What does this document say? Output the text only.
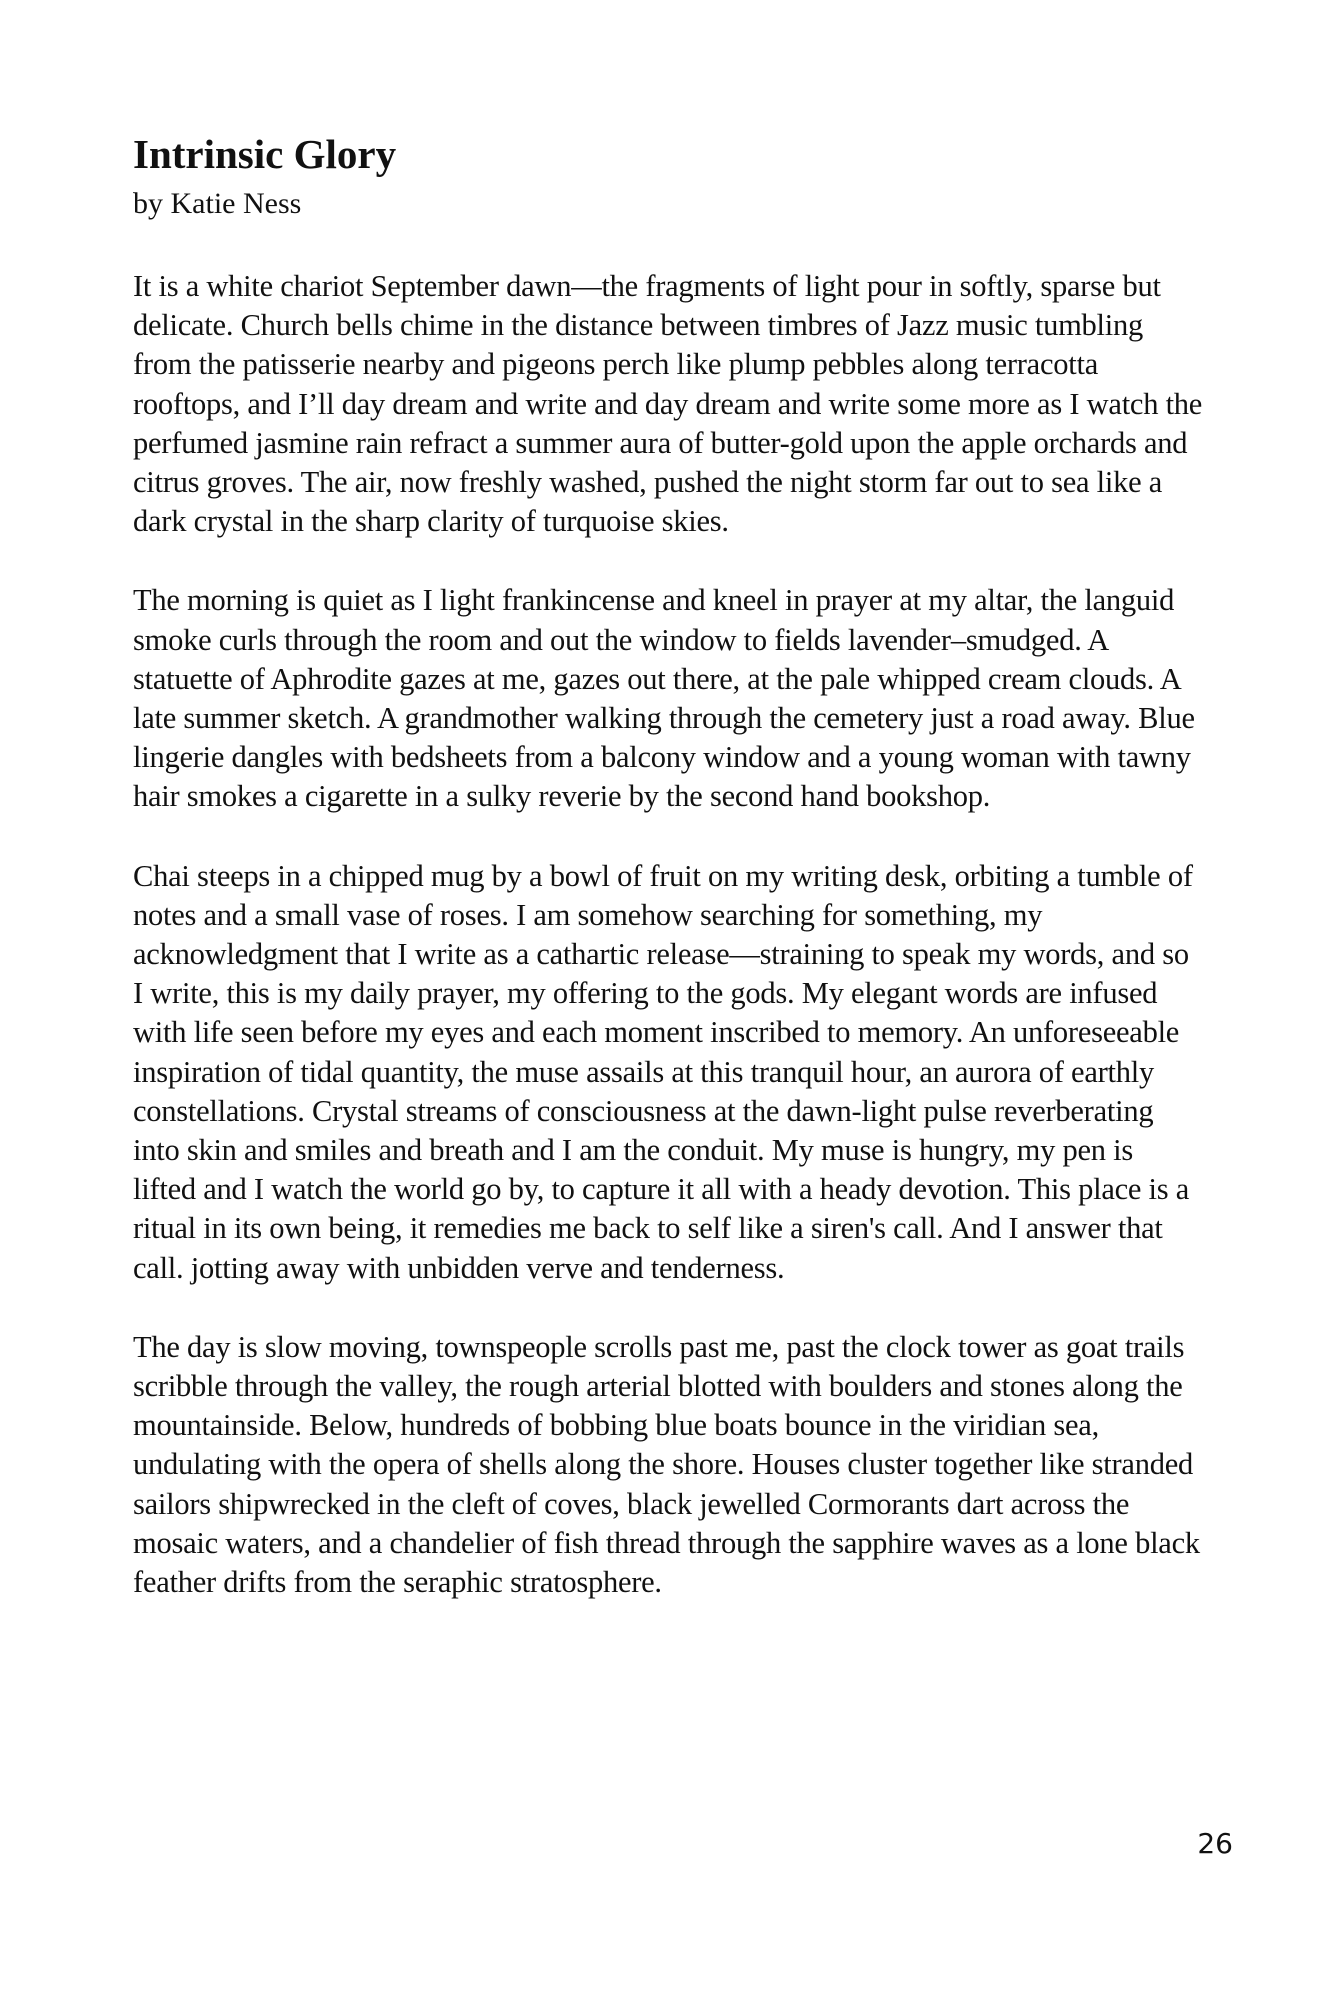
Intrinsic Glory

by Katie Ness

It is a white chariot September dawn—the fragments of light pour in softly, sparse but delicate. Church bells chime in the distance between timbres of Jazz music tumbling from the patisserie nearby and pigeons perch like plump pebbles along terracotta rooftops, and I’ll day dream and write and day dream and write some more as I watch the perfumed jasmine rain refract a summer aura of butter-gold upon the apple orchards and citrus groves. The air, now freshly washed, pushed the night storm far out to sea like a dark crystal in the sharp clarity of turquoise skies.

The morning is quiet as I light frankincense and kneel in prayer at my altar, the languid smoke curls through the room and out the window to fields lavender–smudged. A statuette of Aphrodite gazes at me, gazes out there, at the pale whipped cream clouds. A late summer sketch. A grandmother walking through the cemetery just a road away. Blue lingerie dangles with bedsheets from a balcony window and a young woman with tawny hair smokes a cigarette in a sulky reverie by the second hand bookshop.

Chai steeps in a chipped mug by a bowl of fruit on my writing desk, orbiting a tumble of notes and a small vase of roses. I am somehow searching for something, my acknowledgment that I write as a cathartic release—straining to speak my words, and so I write, this is my daily prayer, my offering to the gods. My elegant words are infused with life seen before my eyes and each moment inscribed to memory. An unforeseeable inspiration of tidal quantity, the muse assails at this tranquil hour, an aurora of earthly constellations. Crystal streams of consciousness at the dawn-light pulse reverberating into skin and smiles and breath and I am the conduit. My muse is hungry, my pen is lifted and I watch the world go by, to capture it all with a heady devotion. This place is a ritual in its own being, it remedies me back to self like a siren's call. And I answer that call. jotting away with unbidden verve and tenderness.

The day is slow moving, townspeople scrolls past me, past the clock tower as goat trails scribble through the valley, the rough arterial blotted with boulders and stones along the mountainside. Below, hundreds of bobbing blue boats bounce in the viridian sea, undulating with the opera of shells along the shore. Houses cluster together like stranded sailors shipwrecked in the cleft of coves, black jewelled Cormorants dart across the mosaic waters, and a chandelier of fish thread through the sapphire waves as a lone black feather drifts from the seraphic stratosphere.

26
